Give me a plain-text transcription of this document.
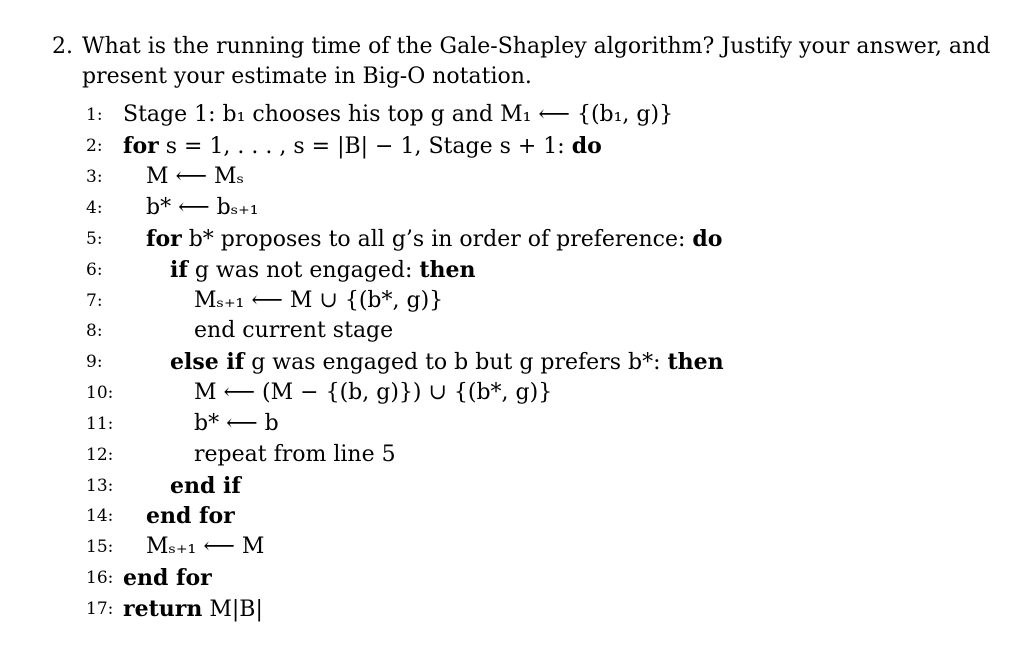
2. What is the running time of the Gale-Shapley algorithm? Justify your answer, and present your estimate in Big-O notation.
1: Stage 1: b₁ chooses his top g and M₁ ⟵ {(b₁, g)}
2: for s = 1, . . . , s = |B| − 1, Stage s + 1: do
3:	M ⟵ Mₛ
4:	b* ⟵ bₛ₊₁
5:	for b* proposes to all g’s in order of preference: do
6:	if g was not engaged: then
7:	Mₛ₊₁ ⟵ M ∪ {(b*, g)}
8:	end current stage
9:	else if g was engaged to b but g prefers b*: then
10:	M ⟵ (M − {(b, g)}) ∪ {(b*, g)}
11:	b* ⟵ b
12:	repeat from line 5
13:	end if
14:	end for
15:	Mₛ₊₁ ⟵ M
16: end for
17: return M|B|
